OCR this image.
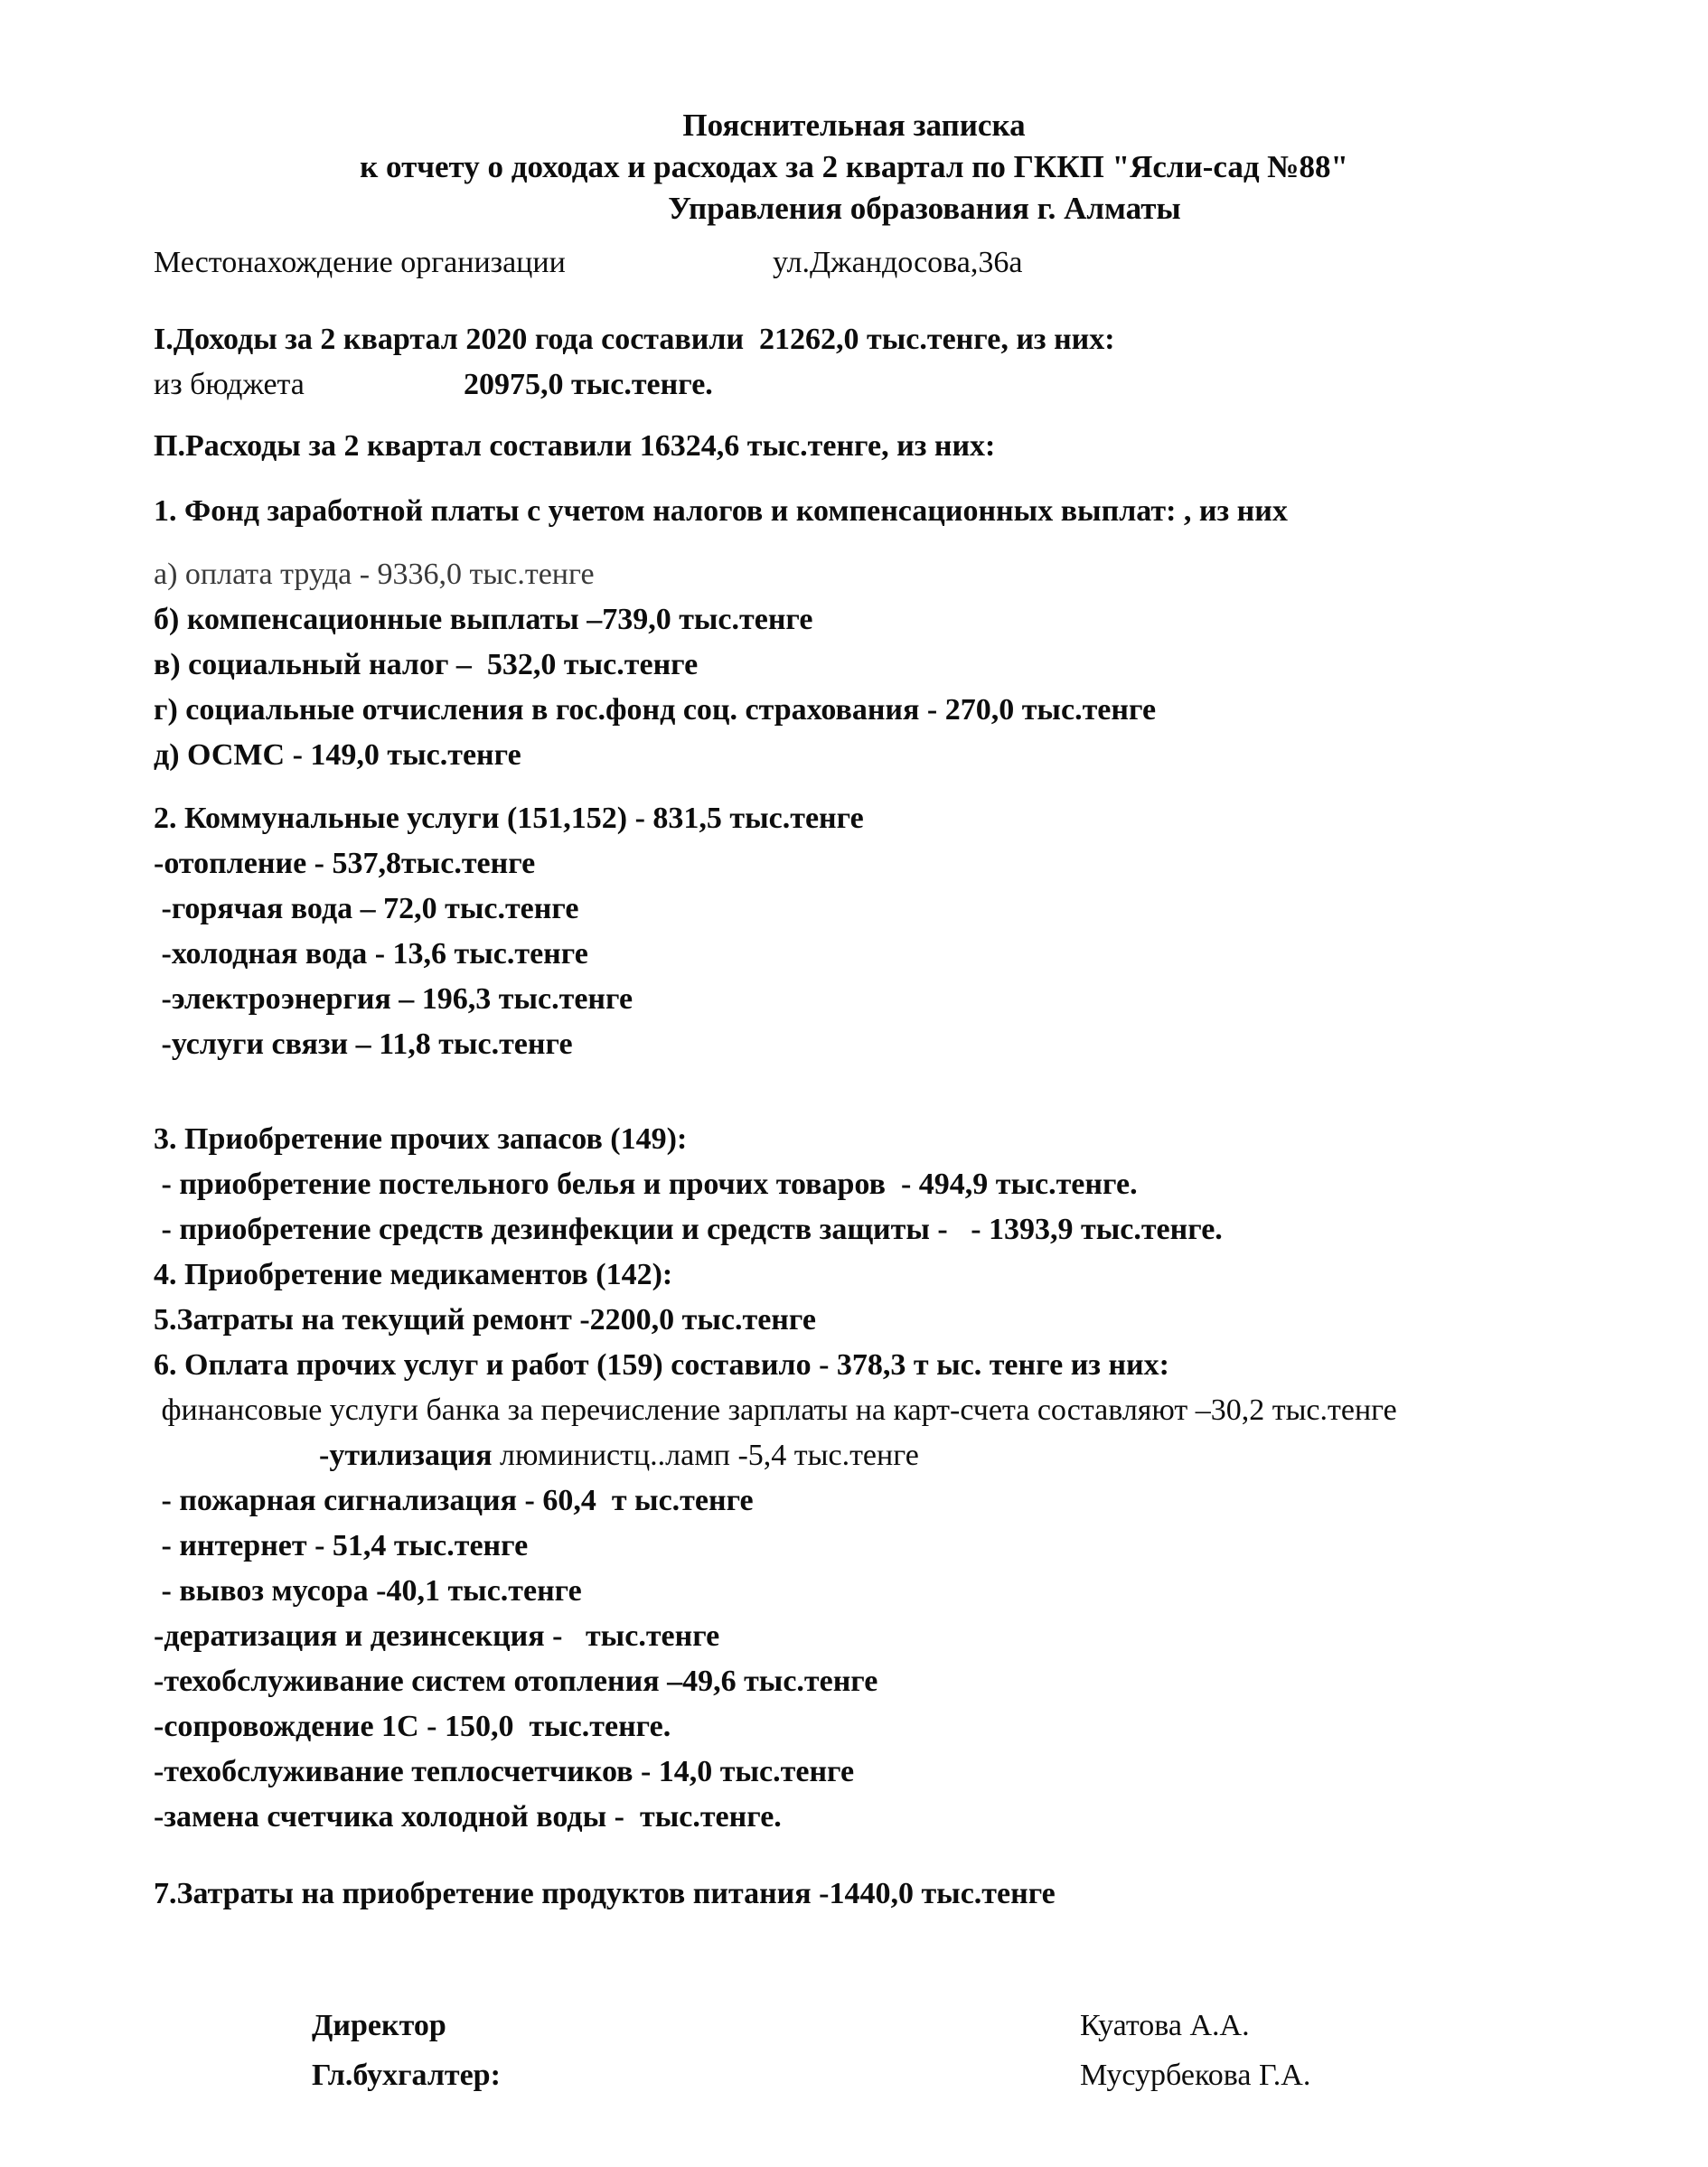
Пояснительная записка
к отчету о доходах и расходах за 2 квартал по ГККП "Ясли-сад №88"
Управления образования г. Алматы
Местонахождение организации	ул.Джандосова,36а
I.Доходы за 2 квартал 2020 года составили  21262,0 тыс.тенге, из них:
из бюджета	20975,0 тыс.тенге.
П.Расходы за 2 квартал составили 16324,6 тыс.тенге, из них:
1. Фонд заработной платы с учетом налогов и компенсационных выплат: , из них
а) оплата труда - 9336,0 тыс.тенге
б) компенсационные выплаты –739,0 тыс.тенге
в) социальный налог –  532,0 тыс.тенге
г) социальные отчисления в гос.фонд соц. страхования - 270,0 тыс.тенге
д) ОСМС - 149,0 тыс.тенге
2. Коммунальные услуги (151,152) - 831,5 тыс.тенге
-отопление - 537,8тыс.тенге
-горячая вода – 72,0 тыс.тенге
-холодная вода - 13,6 тыс.тенге
-электроэнергия – 196,3 тыс.тенге
-услуги связи – 11,8 тыс.тенге
3. Приобретение прочих запасов (149):
- приобретение постельного белья и прочих товаров  - 494,9 тыс.тенге.
- приобретение средств дезинфекции и средств защиты -   - 1393,9 тыс.тенге.
4. Приобретение медикаментов (142):
5.Затраты на текущий ремонт -2200,0 тыс.тенге
6. Оплата прочих услуг и работ (159) составило - 378,3 т ыс. тенге из них:
финансовые услуги банка за перечисление зарплаты на карт-счета составляют –30,2 тыс.тенге
-утилизация люминистц..ламп -5,4 тыс.тенге
- пожарная сигнализация - 60,4  т ыс.тенге
- интернет - 51,4 тыс.тенге
- вывоз мусора -40,1 тыс.тенге
-дератизация и дезинсекция -   тыс.тенге
-техобслуживание систем отопления –49,6 тыс.тенге
-сопровождение 1С - 150,0  тыс.тенге.
-техобслуживание теплосчетчиков - 14,0 тыс.тенге
-замена счетчика холодной воды -  тыс.тенге.
7.Затраты на приобретение продуктов питания -1440,0 тыс.тенге
Директор	Куатова А.А.
Гл.бухгалтер:	Мусурбекова Г.А.
